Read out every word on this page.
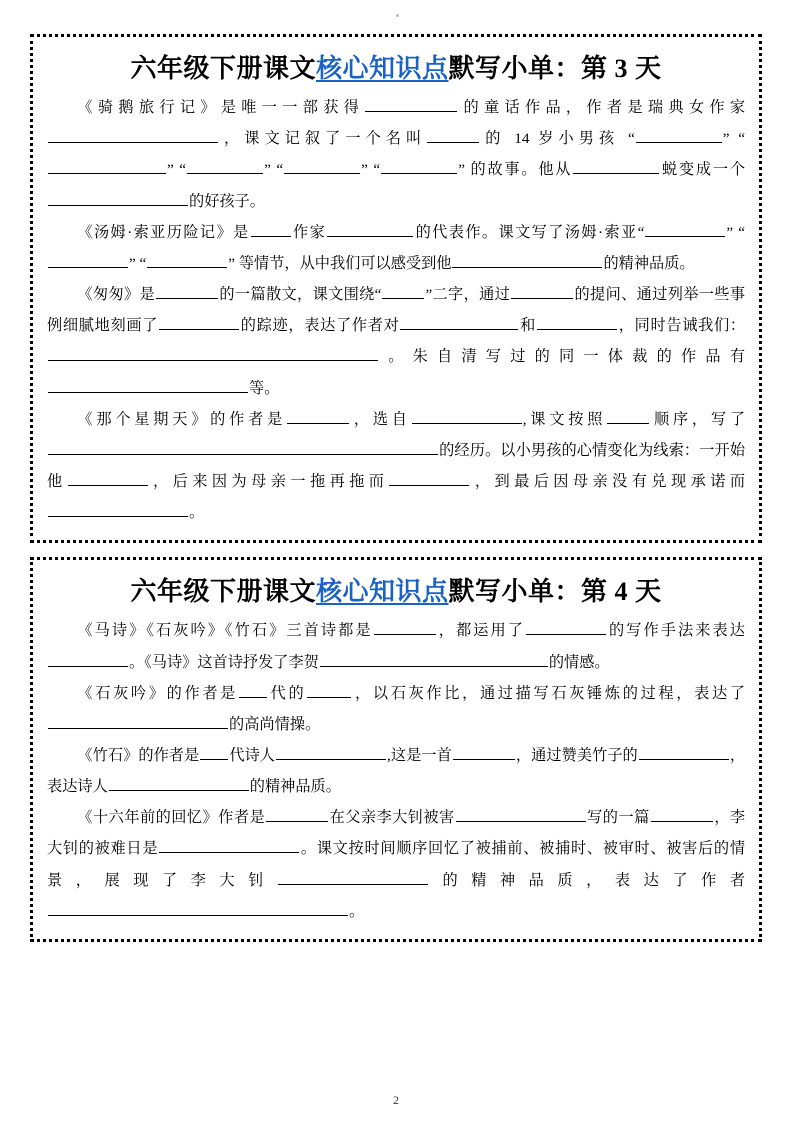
六年级下册课文核心知识点默写小单：第 3 天
《骑鹅旅行记》是唯一一部获得	的童话作品，作者是瑞典女作家，课文记叙了一个名叫	的 14 岁小男孩 “	” “” “	” “	” “	” 的故事。他从	蜕变成一个的好孩子。
《汤姆·索亚历险记》是	作家	的代表作。课文写了汤姆·索亚“	” “” “	” 等情节，从中我们可以感受到他	的精神品质。
《匆匆》是	的一篇散文，课文围绕“	”二字，通过	的提问、通过列举一些事例细腻地刻画了	的踪迹，表达了作者对	和	，同时告诫我们：。朱自清写过的同一体裁的作品有等。
《那个星期天》的作者是	，选自	,课文按照	顺序，写了的经历。以小男孩的心情变化为线索：一开始他	，后来因为母亲一拖再拖而	，到最后因母亲没有兑现承诺而。
六年级下册课文核心知识点默写小单：第 4 天
《马诗》《石灰吟》《竹石》三首诗都是	，都运用了	的写作手法来表达。《马诗》这首诗抒发了李贺	的情感。
《石灰吟》的作者是 代的	，以石灰作比，通过描写石灰锤炼的过程，表达了的高尚情操。
《竹石》的作者是 代诗人	,这是一首	，通过赞美竹子的	，表达诗人	的精神品质。
《十六年前的回忆》作者是	在父亲李大钊被害	写的一篇	，李大钊的被难日是	。课文按时间顺序回忆了被捕前、被捕时、被审时、被害后的情景，展现了李大钊	的精神品质，表达了作者。
2
